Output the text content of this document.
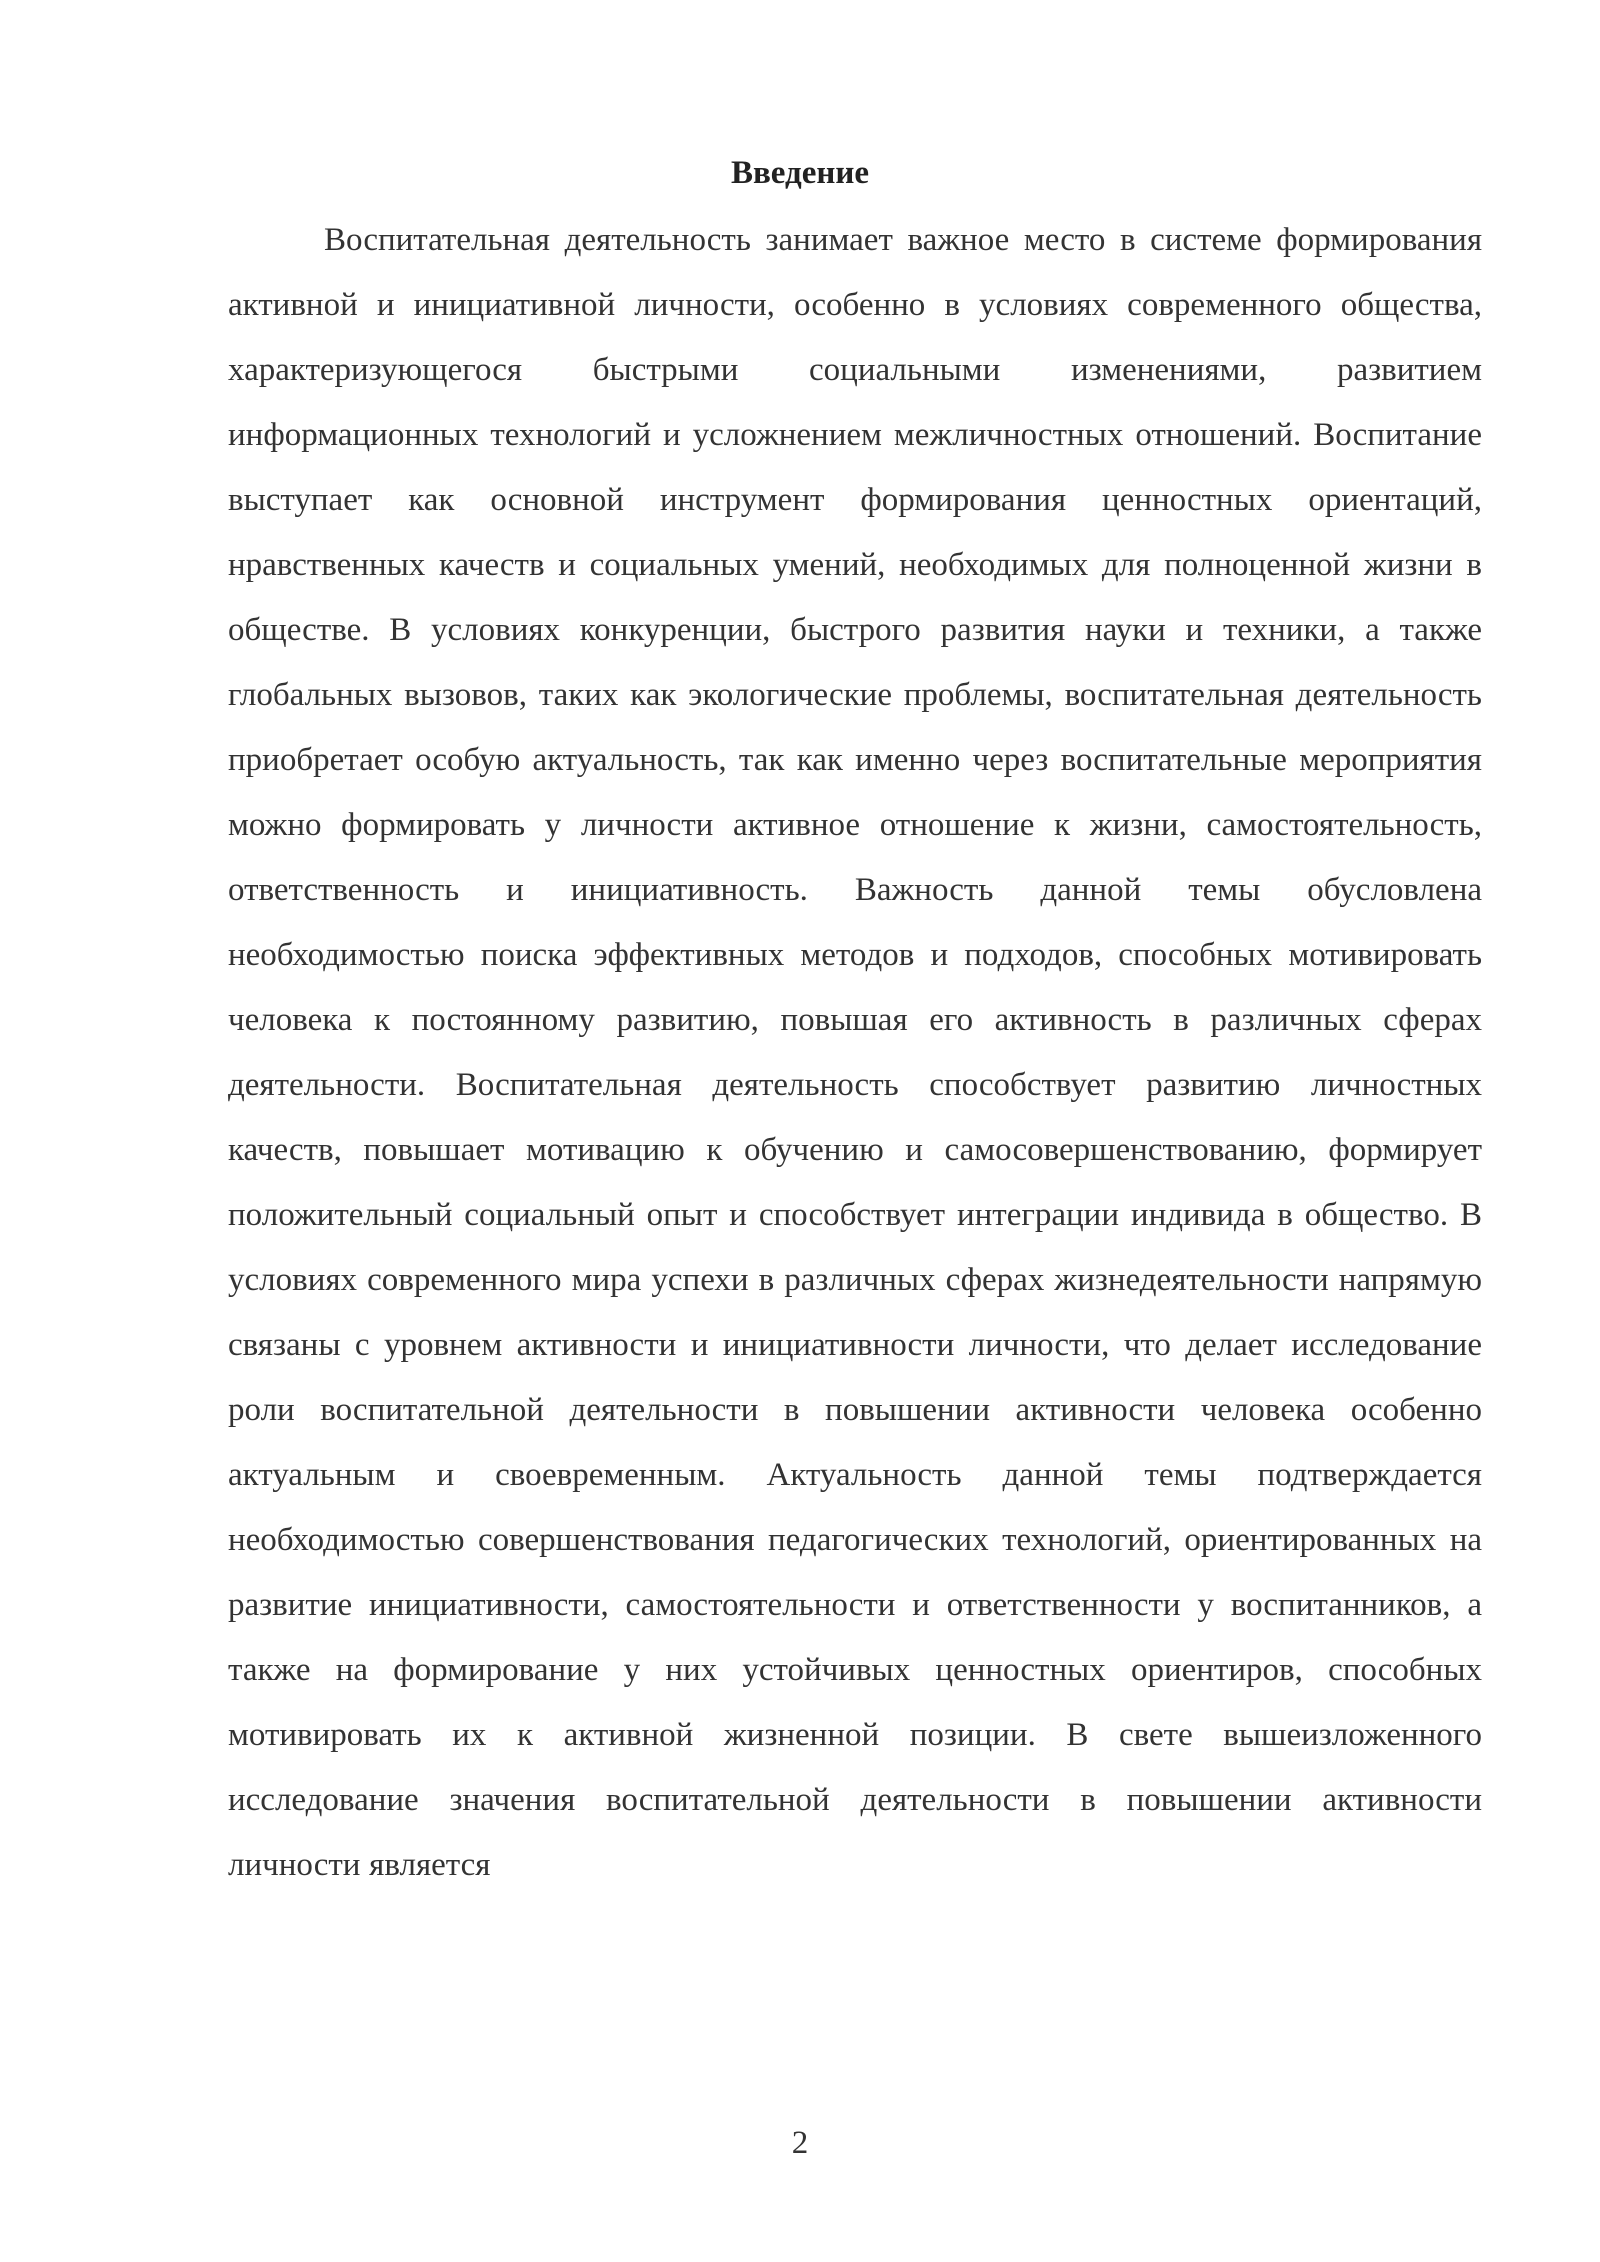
Введение

Воспитательная деятельность занимает важное место в системе формирования активной и инициативной личности, особенно в условиях современного общества, характеризующегося быстрыми социальными изменениями, развитием информационных технологий и усложнением межличностных отношений. Воспитание выступает как основной инструмент формирования ценностных ориентаций, нравственных качеств и социальных умений, необходимых для полноценной жизни в обществе. В условиях конкуренции, быстрого развития науки и техники, а также глобальных вызовов, таких как экологические проблемы, воспитательная деятельность приобретает особую актуальность, так как именно через воспитательные мероприятия можно формировать у личности активное отношение к жизни, самостоятельность, ответственность и инициативность. Важность данной темы обусловлена необходимостью поиска эффективных методов и подходов, способных мотивировать человека к постоянному развитию, повышая его активность в различных сферах деятельности. Воспитательная деятельность способствует развитию личностных качеств, повышает мотивацию к обучению и самосовершенствованию, формирует положительный социальный опыт и способствует интеграции индивида в общество. В условиях современного мира успехи в различных сферах жизнедеятельности напрямую связаны с уровнем активности и инициативности личности, что делает исследование роли воспитательной деятельности в повышении активности человека особенно актуальным и своевременным. Актуальность данной темы подтверждается необходимостью совершенствования педагогических технологий, ориентированных на развитие инициативности, самостоятельности и ответственности у воспитанников, а также на формирование у них устойчивых ценностных ориентиров, способных мотивировать их к активной жизненной позиции. В свете вышеизложенного исследование значения воспитательной деятельности в повышении активности личности является

2
